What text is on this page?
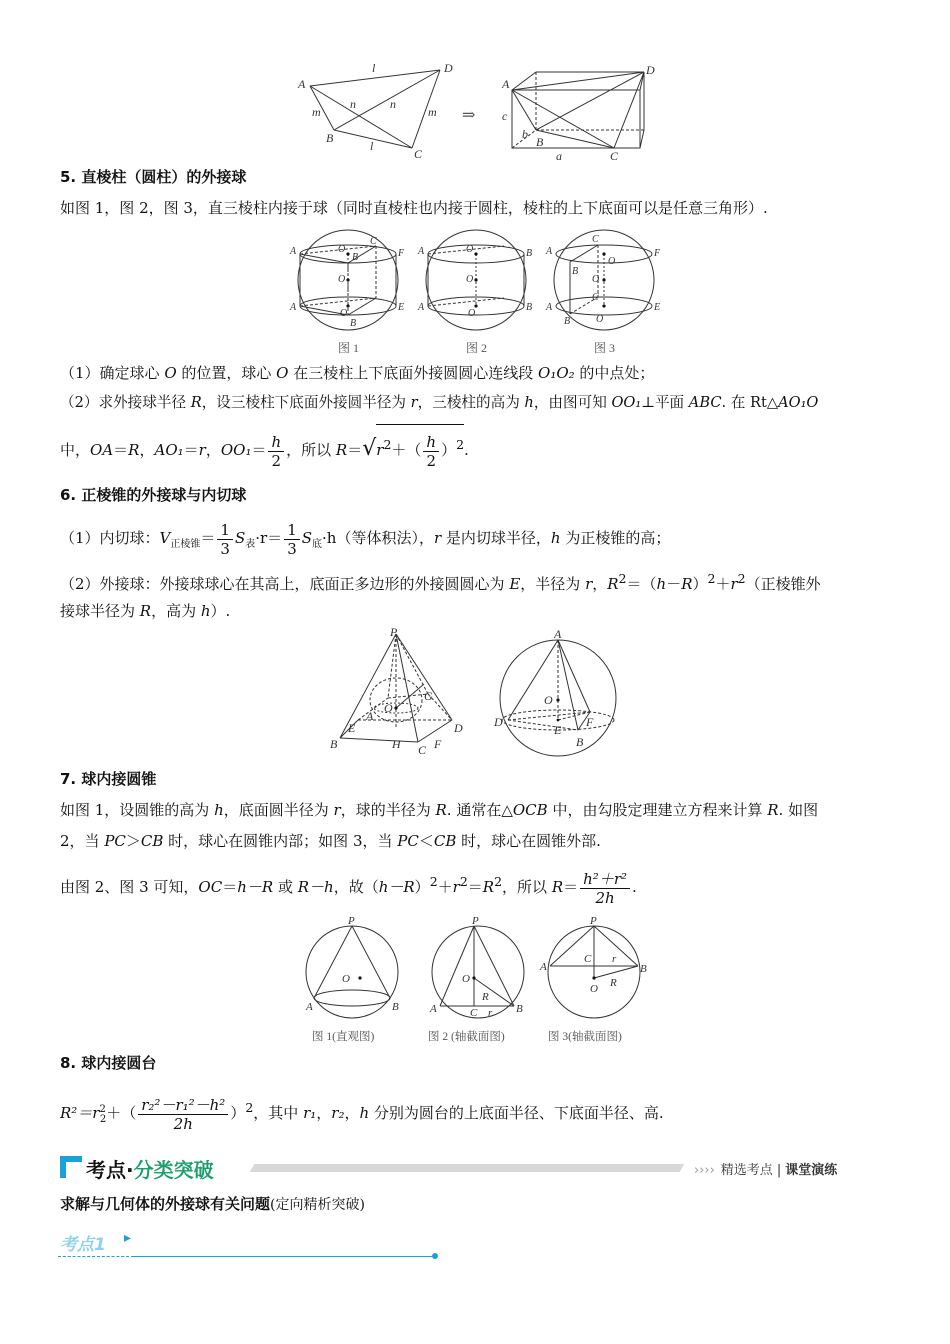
A
D
B
C
l
l
m	m
n	n
A
D
B
C
c
b
a
⇒
5. 直棱柱（圆柱）的外接球
如图 1，图 2，图 3，直三棱柱内接于球（同时直棱柱也内接于圆柱，棱柱的上下底面可以是任意三角形）.
A
C
F
B
O
O
O
A
B
E
A	B
O
O
O
A	B
A
C
F
B
O
O
C
A
B
E
O
图 1	图 2	图 3
（1）确定球心 O 的位置，球心 O 在三棱柱上下底面外接圆圆心连线段 O₁O₂ 的中点处；
（2）求外接球半径 R，设三棱柱下底面外接圆半径为 r，三棱柱的高为 h，由图可知 OO₁⊥平面 ABC. 在 Rt△AO₁O
中，OA＝R，AO₁＝r，$OO_1= \frac{h}{2}$ ，所以 $R=√r^2+( \frac{h}{2} )^2$.
6. 正棱锥的外接球与内切球
（1）内切球：$V_{正棱锥}= \frac{1}{3} S_表\cdot r= \frac{1}{3} S_底\cdot h$（等体积法），r 是内切球半径，h 为正棱锥的高；
（2）外接球：外接球球心在其高上，底面正多边形的外接圆圆心为 E，半径为 r，$R^2=(h-R)^2+r^2$（正棱锥外
接球半径为 R，高为 h）.
P
G
O
A
E	D
B	H C F
A
O
D	F
E
B
7. 球内接圆锥
如图 1，设圆锥的高为 h，底面圆半径为 r，球的半径为 R. 通常在△OCB 中，由勾股定理建立方程来计算 R. 如图
2，当 PC＞CB 时，球心在圆锥内部；如图 3，当 PC＜CB 时，球心在圆锥外部.
由图 2、图 3 可知，OC＝h－R 或 R－h，故$(h-R)^2+r^2=R^2$，所以 $R= \frac{\text{h²＋r²}}{2h}$ .
P
O
A	B
P
O
R
A	C r B
P
A
C r
B
O R
图 1(直观图)	图 2 (轴截面图)	图 3(轴截面图)
8. 球内接圆台
$R^2=r^2_2+( \frac{\text{r₂²－r₁²－h²}}{2h} )^2$，其中 r₁，r₂，h 分别为圆台的上底面半径、下底面半径、高.
考点·分类突破	›››› 精选考点 | 课堂演练
求解与几何体的外接球有关问题(定向精析突破)
考点1 ▸
